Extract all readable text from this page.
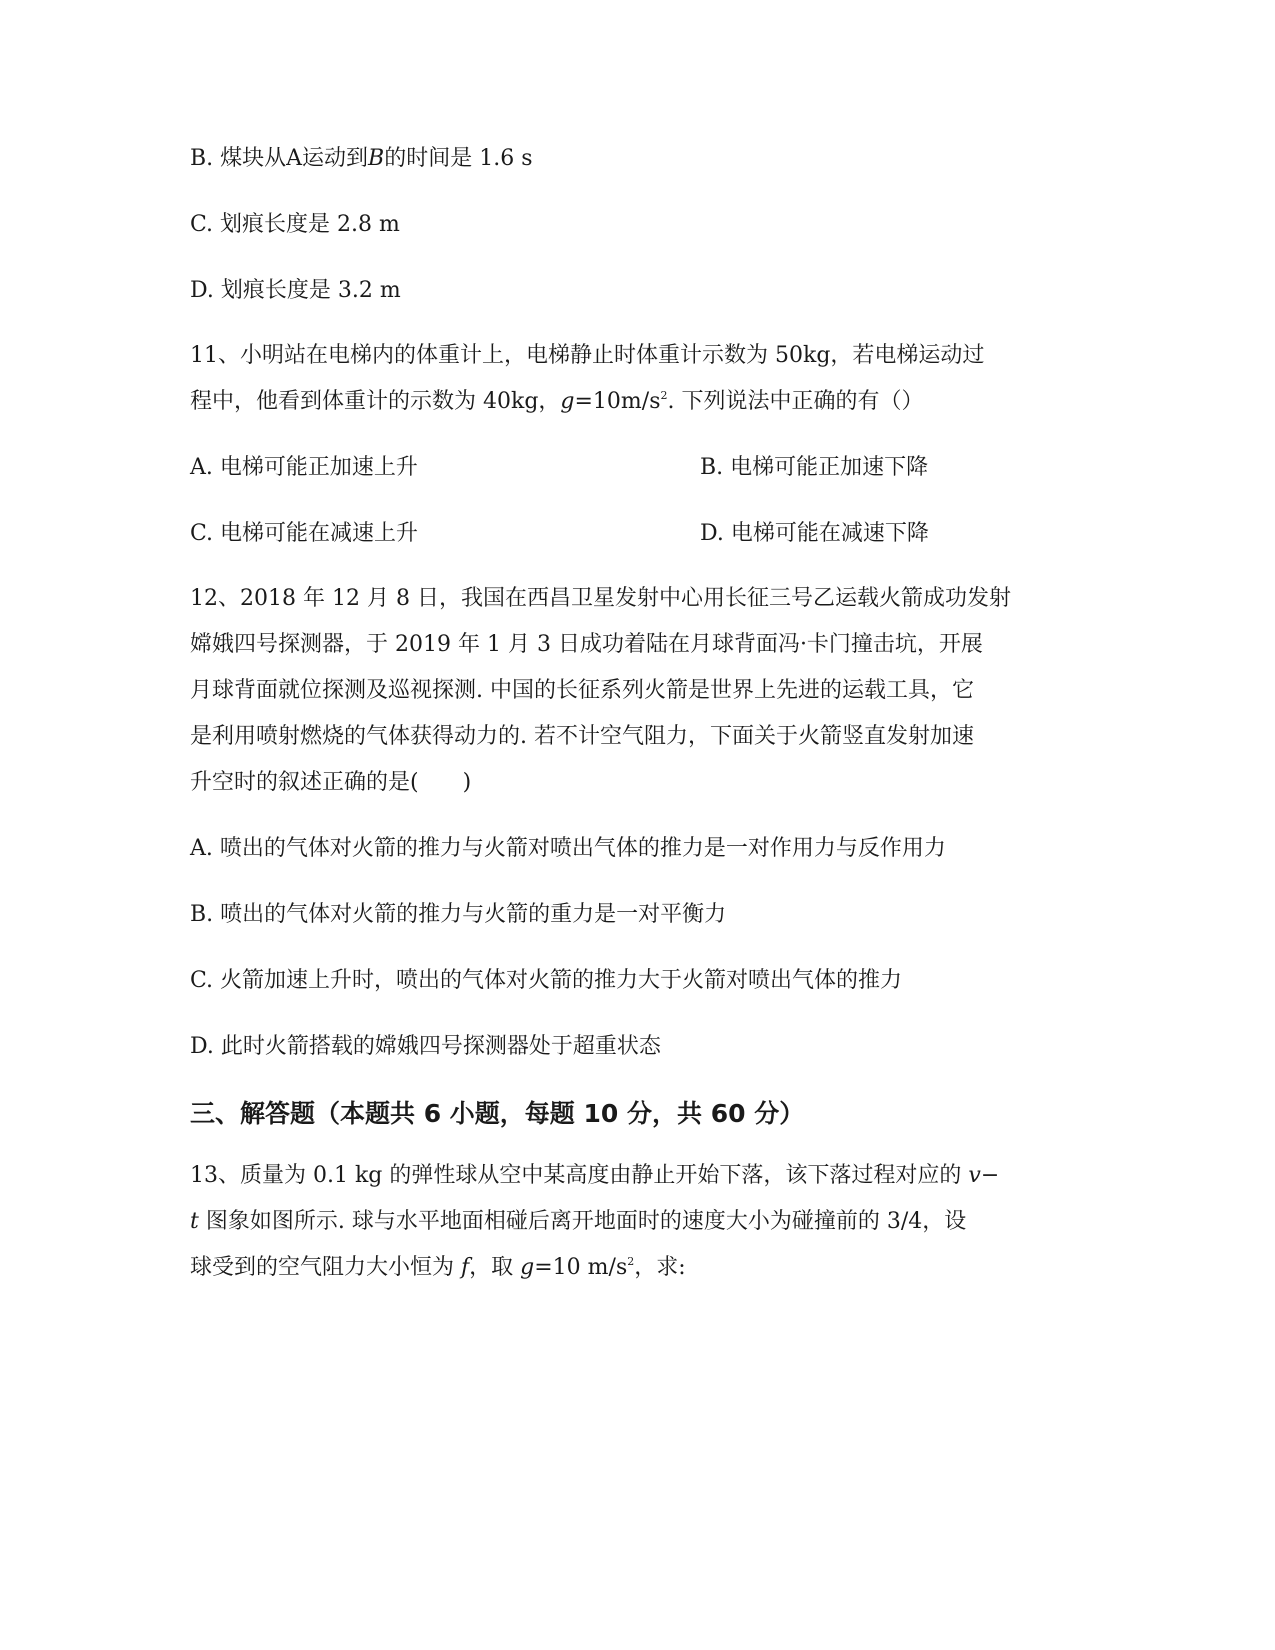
B. 煤块从A运动到B的时间是 1.6 s
C. 划痕长度是 2.8 m
D. 划痕长度是 3.2 m
11、小明站在电梯内的体重计上，电梯静止时体重计示数为 50kg，若电梯运动过
程中，他看到体重计的示数为 40kg，$g=10m/s^2$. 下列说法中正确的有（）
A. 电梯可能正加速上升	B. 电梯可能正加速下降
C. 电梯可能在减速上升	D. 电梯可能在减速下降
12、2018 年 12 月 8 日，我国在西昌卫星发射中心用长征三号乙运载火箭成功发射
嫦娥四号探测器，于 2019 年 1 月 3 日成功着陆在月球背面冯·卡门撞击坑，开展
月球背面就位探测及巡视探测. 中国的长征系列火箭是世界上先进的运载工具，它
是利用喷射燃烧的气体获得动力的. 若不计空气阻力，下面关于火箭竖直发射加速
升空时的叙述正确的是(　　)
A. 喷出的气体对火箭的推力与火箭对喷出气体的推力是一对作用力与反作用力
B. 喷出的气体对火箭的推力与火箭的重力是一对平衡力
C. 火箭加速上升时，喷出的气体对火箭的推力大于火箭对喷出气体的推力
D. 此时火箭搭载的嫦娥四号探测器处于超重状态
三、解答题（本题共 6 小题，每题 10 分，共 60 分）
13、质量为 0.1 kg 的弹性球从空中某高度由静止开始下落，该下落过程对应的 v−
t 图象如图所示. 球与水平地面相碰后离开地面时的速度大小为碰撞前的 3/4，设
球受到的空气阻力大小恒为 f，取 g=10 $m/s^2$，求:
